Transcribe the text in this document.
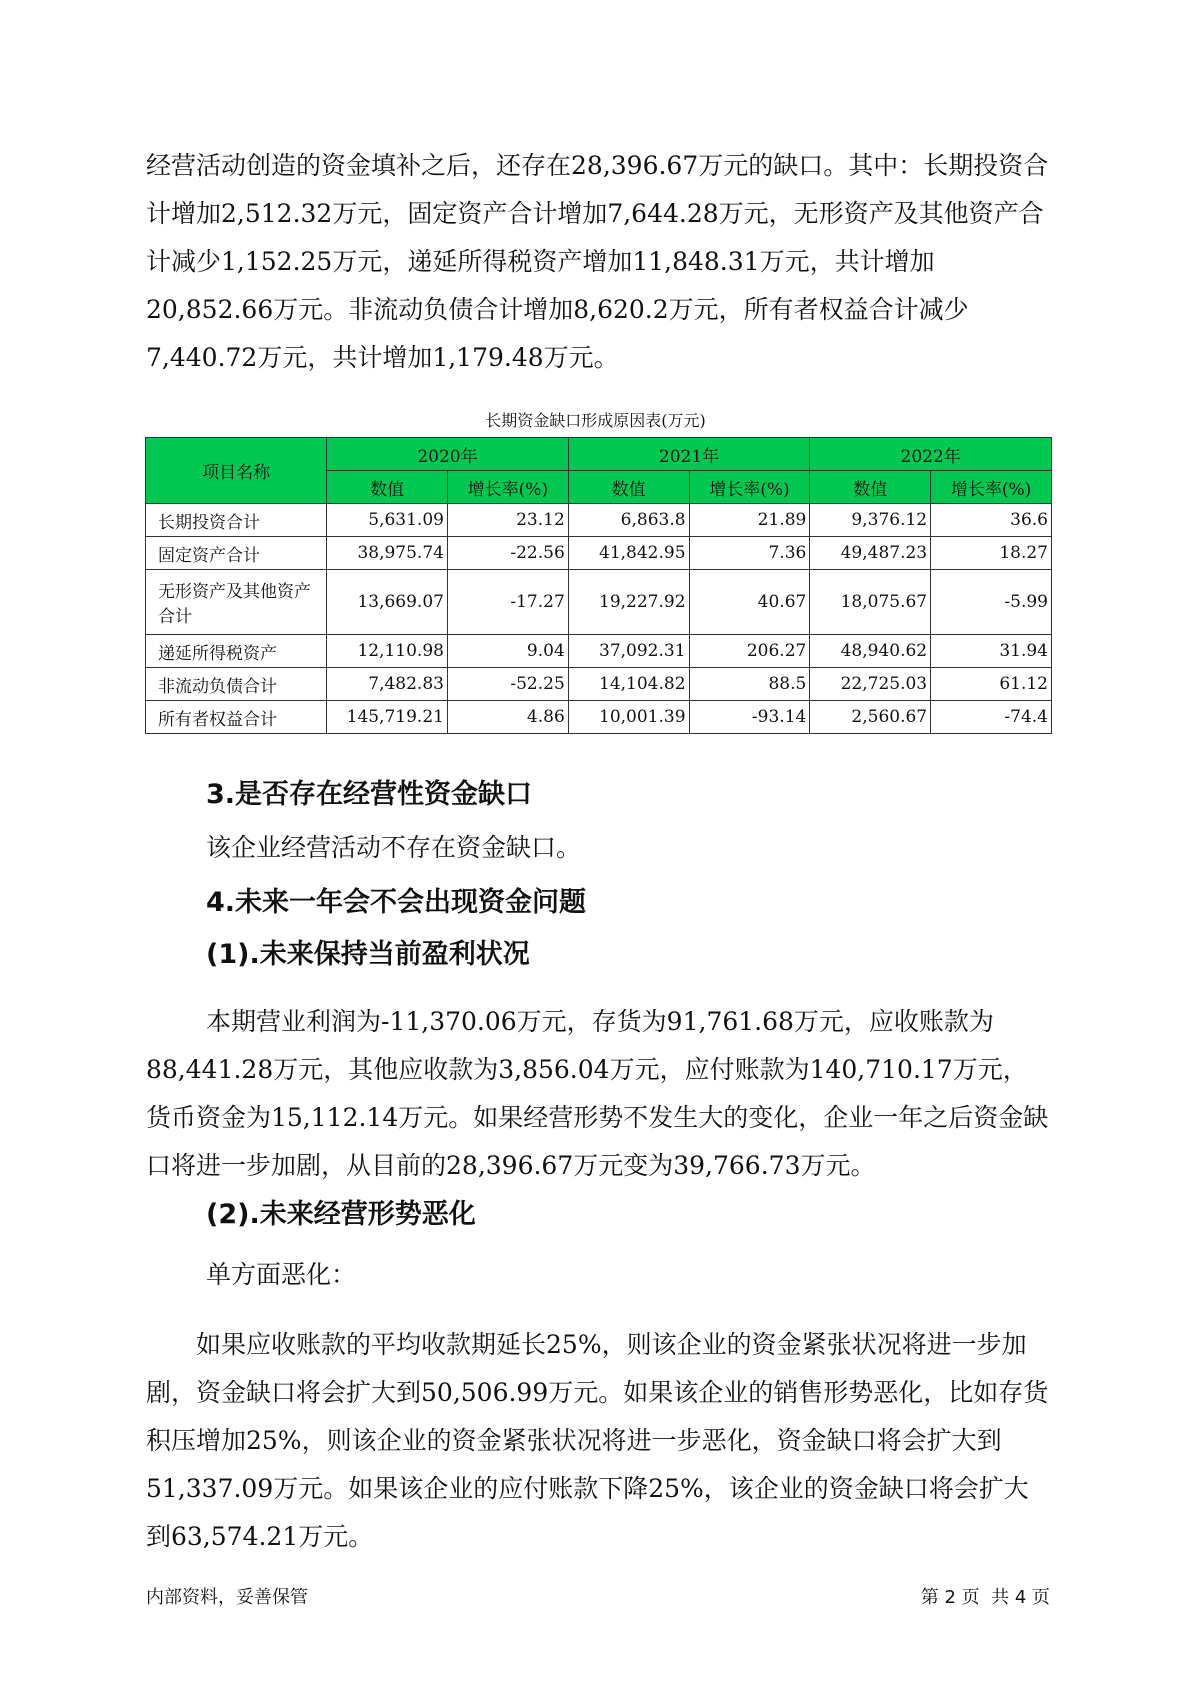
经营活动创造的资金填补之后，还存在28,396.67万元的缺口。其中：长期投资合计增加2,512.32万元，固定资产合计增加7,644.28万元，无形资产及其他资产合计减少1,152.25万元，递延所得税资产增加11,848.31万元，共计增加20,852.66万元。非流动负债合计增加8,620.2万元，所有者权益合计减少7,440.72万元，共计增加1,179.48万元。

长期资金缺口形成原因表(万元)
项目名称	2020年		2021年		2022年	
	数值	增长率(%)	数值	增长率(%)	数值	增长率(%)
长期投资合计	5,631.09	23.12	6,863.8	21.89	9,376.12	36.6
固定资产合计	38,975.74	-22.56	41,842.95	7.36	49,487.23	18.27
无形资产及其他资产合计	13,669.07	-17.27	19,227.92	40.67	18,075.67	-5.99
递延所得税资产	12,110.98	9.04	37,092.31	206.27	48,940.62	31.94
非流动负债合计	7,482.83	-52.25	14,104.82	88.5	22,725.03	61.12
所有者权益合计	145,719.21	4.86	10,001.39	-93.14	2,560.67	-74.4
3.是否存在经营性资金缺口

该企业经营活动不存在资金缺口。

4.未来一年会不会出现资金问题
(1).未来保持当前盈利状况

本期营业利润为-11,370.06万元，存货为91,761.68万元，应收账款为88,441.28万元，其他应收款为3,856.04万元，应付账款为140,710.17万元，货币资金为15,112.14万元。如果经营形势不发生大的变化，企业一年之后资金缺口将进一步加剧，从目前的28,396.67万元变为39,766.73万元。

(2).未来经营形势恶化

单方面恶化：

如果应收账款的平均收款期延长25%，则该企业的资金紧张状况将进一步加剧，资金缺口将会扩大到50,506.99万元。如果该企业的销售形势恶化，比如存货积压增加25%，则该企业的资金紧张状况将进一步恶化，资金缺口将会扩大到51,337.09万元。如果该企业的应付账款下降25%，该企业的资金缺口将会扩大到63,574.21万元。

内部资料，妥善保管	第 2 页  共 4 页
